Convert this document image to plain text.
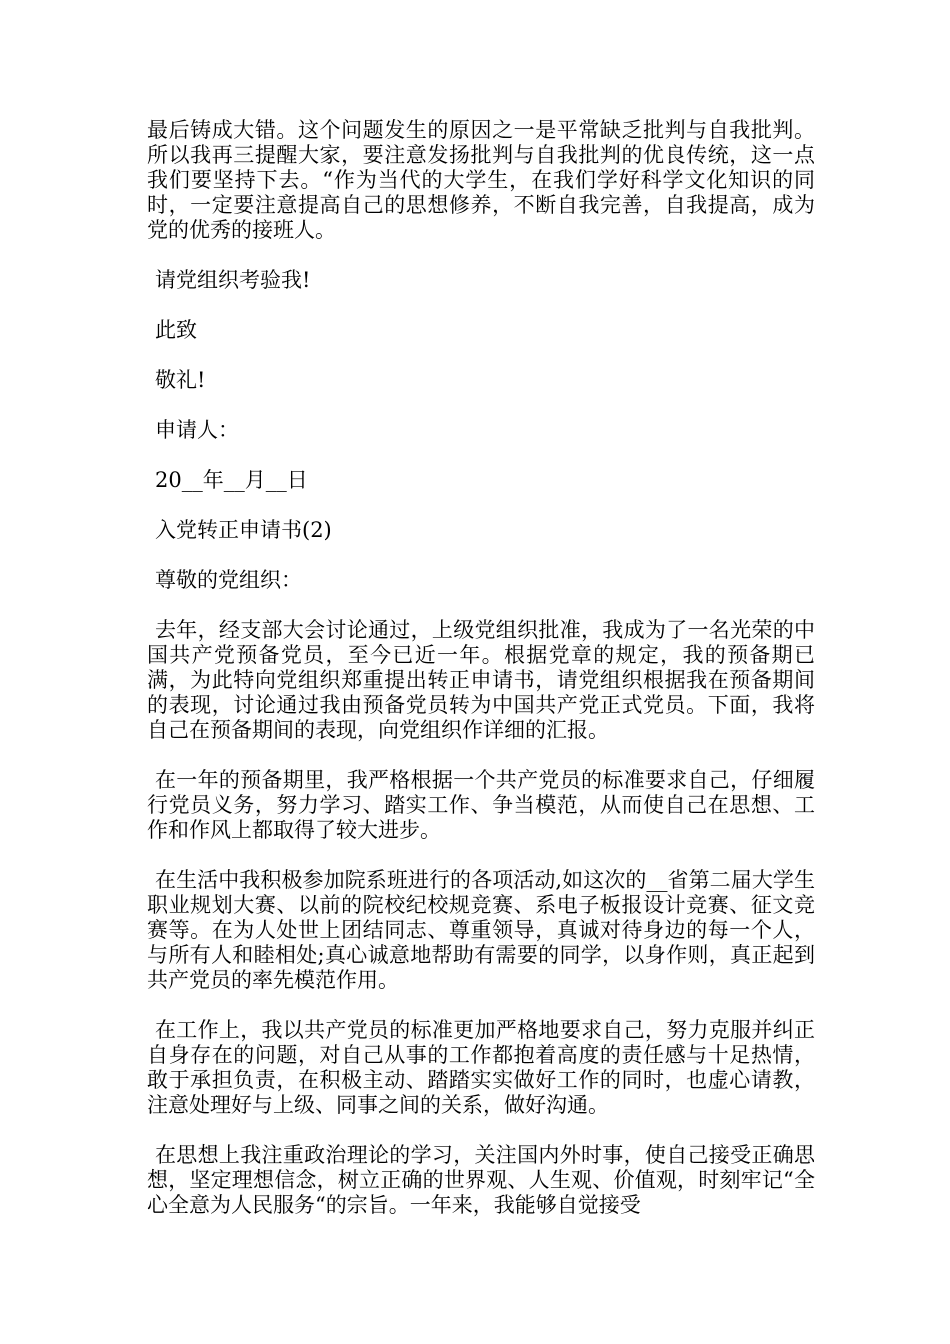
最后铸成大错。这个问题发生的原因之一是平常缺乏批判与自我批判。所以我再三提醒大家，要注意发扬批判与自我批判的优良传统，这一点我们要坚持下去。“作为当代的大学生，在我们学好科学文化知识的同时，一定要注意提高自己的思想修养，不断自我完善，自我提高，成为党的优秀的接班人。

请党组织考验我!

此致

敬礼!

申请人：

20__年__月__日

入党转正申请书(2)

尊敬的党组织：

去年，经支部大会讨论通过，上级党组织批准，我成为了一名光荣的中国共产党预备党员，至今已近一年。根据党章的规定，我的预备期已满，为此特向党组织郑重提出转正申请书，请党组织根据我在预备期间的表现，讨论通过我由预备党员转为中国共产党正式党员。下面，我将自己在预备期间的表现，向党组织作详细的汇报。

在一年的预备期里，我严格根据一个共产党员的标准要求自己，仔细履行党员义务，努力学习、踏实工作、争当模范，从而使自己在思想、工作和作风上都取得了较大进步。

在生活中我积极参加院系班进行的各项活动,如这次的__省第二届大学生职业规划大赛、以前的院校纪校规竞赛、系电子板报设计竞赛、征文竞赛等。在为人处世上团结同志、尊重领导，真诚对待身边的每一个人，与所有人和睦相处;真心诚意地帮助有需要的同学，以身作则，真正起到共产党员的率先模范作用。

在工作上，我以共产党员的标准更加严格地要求自己，努力克服并纠正自身存在的问题，对自己从事的工作都抱着高度的责任感与十足热情，敢于承担负责，在积极主动、踏踏实实做好工作的同时，也虚心请教，注意处理好与上级、同事之间的关系，做好沟通。

在思想上我注重政治理论的学习，关注国内外时事，使自己接受正确思想，坚定理想信念，树立正确的世界观、人生观、价值观，时刻牢记“全心全意为人民服务“的宗旨。一年来，我能够自觉接受
